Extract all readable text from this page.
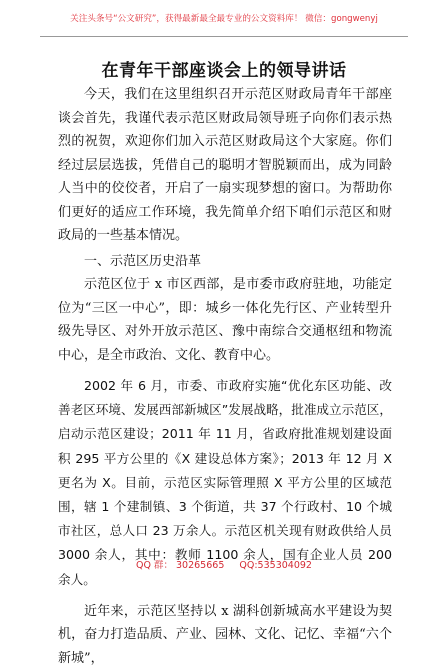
关注头条号“公文研究”，获得最新最全最专业的公文资料库！ 微信：gongwenyj
在青年干部座谈会上的领导讲话

今天，我们在这里组织召开示范区财政局青年干部座谈会首先，我谨代表示范区财政局领导班子向你们表示热烈的祝贺，欢迎你们加入示范区财政局这个大家庭。你们经过层层选拔，凭借自己的聪明才智脱颖而出，成为同龄人当中的佼佼者，开启了一扇实现梦想的窗口。为帮助你们更好的适应工作环境，我先简单介绍下咱们示范区和财政局的一些基本情况。

一、示范区历史沿革

示范区位于 x 市区西部，是市委市政府驻地，功能定位为“三区一中心”，即：城乡一体化先行区、产业转型升级先导区、对外开放示范区、豫中南综合交通枢纽和物流中心，是全市政治、文化、教育中心。

2002 年 6 月，市委、市政府实施“优化东区功能、改善老区环境、发展西部新城区”发展战略，批准成立示范区，启动示范区建设；2011 年 11 月，省政府批准规划建设面积 295 平方公里的《X 建设总体方案》；2013 年 12 月 X 更名为 X。目前，示范区实际管理照 X 平方公里的区域范围，辖 1 个建制镇、3 个街道，共 37 个行政村、10 个城市社区，总人口 23 万余人。示范区机关现有财政供给人员 3000 余人，其中：教师 1100 余人，国有企业人员 200 余人。

近年来，示范区坚持以 x 湖科创新城高水平建设为契机，奋力打造品质、产业、园林、文化、记忆、幸福“六个新城”，

QQ 群： 30265665 QQ:535304092
